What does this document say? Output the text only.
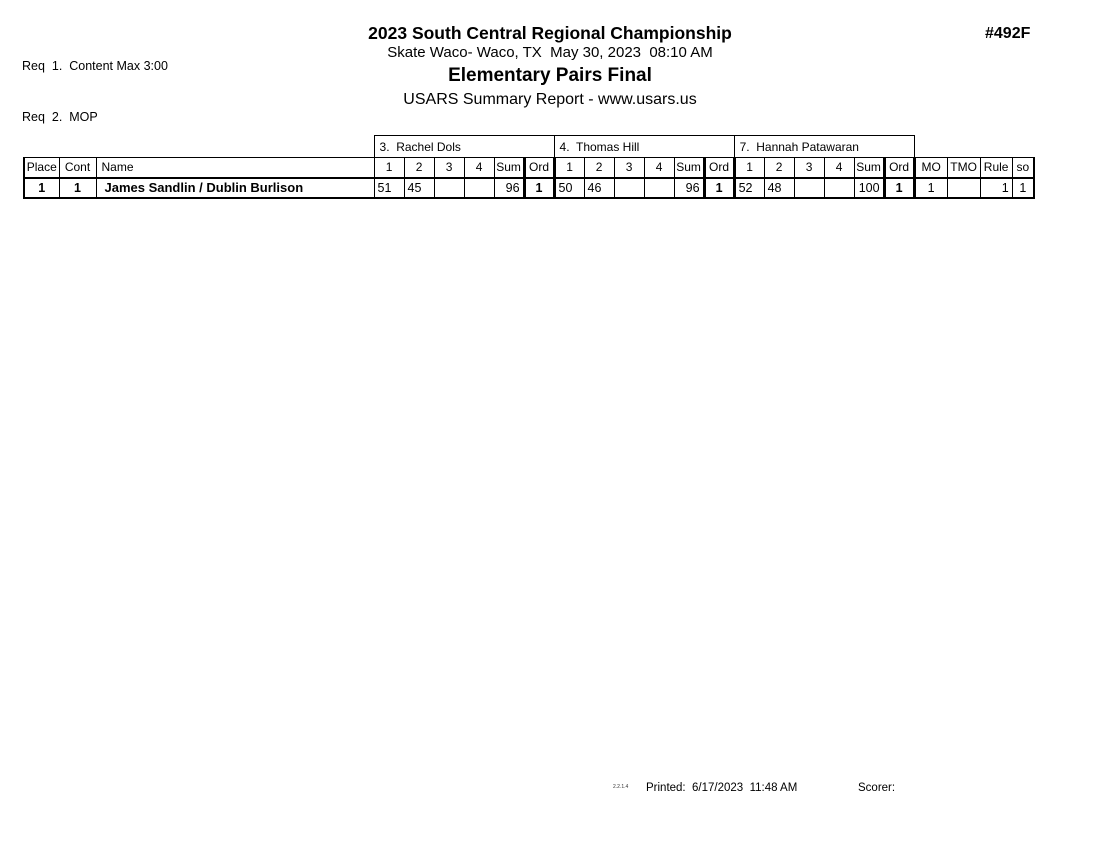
Req  1.  Content Max 3:00

Req  2.  MOP

2023 South Central Regional Championship
Skate Waco- Waco, TX  May 30, 2023  08:10 AM
Elementary Pairs Final
USARS Summary Report - www.usars.us
#492F
			3.  Rachel Dols						4.  Thomas Hill						7.  Hannah Patawaran									
Place	Cont	Name	1	2	3	4	Sum	Ord	1	2	3	4	Sum	Ord	1	2	3	4	Sum	Ord	MO	TMO	Rule	so
1	1	James Sandlin / Dublin Burlison	51	45			96	1	50	46			96	1	52	48			100	1	1		1	1
2.2.1.4 Printed:  6/17/2023  11:48 AM	Scorer:
